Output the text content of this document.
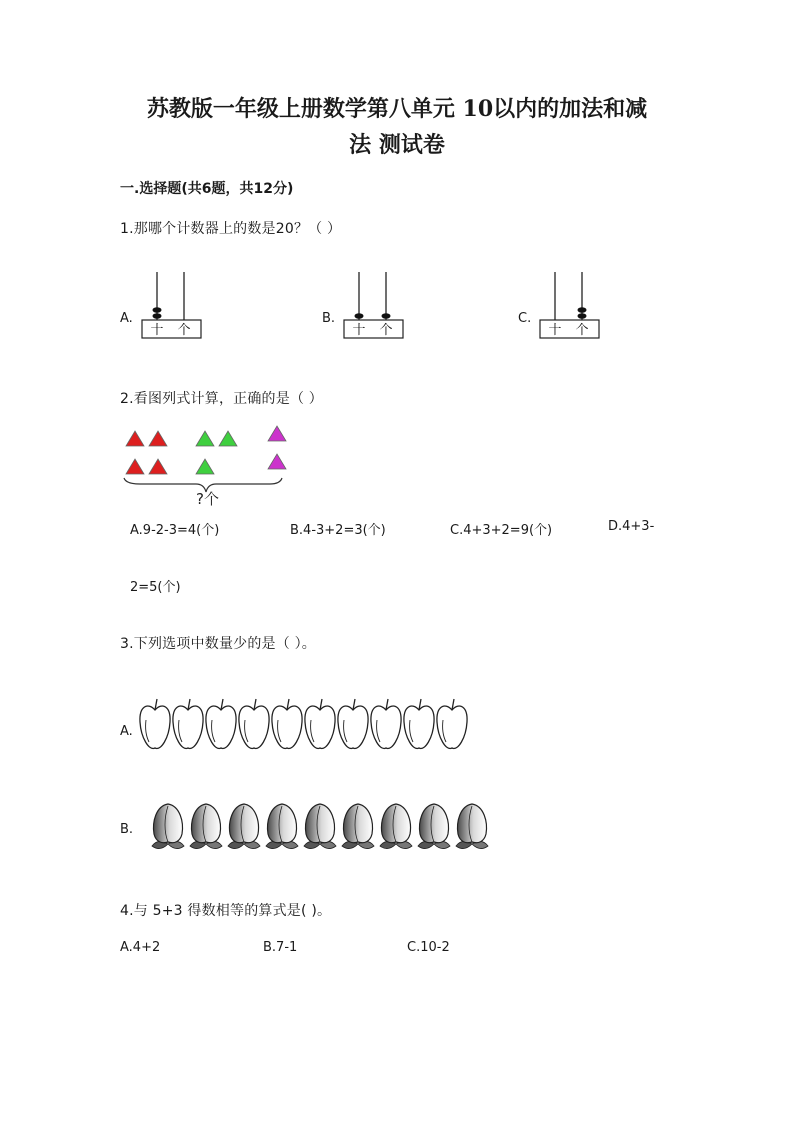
苏教版一年级上册数学第八单元 10以内的加法和减
法 测试卷
一.选择题(共6题，共12分)
1.那哪个计数器上的数是20？（ ）
A.	B.	C.
十 个	十 个	十 个
2.看图列式计算，正确的是（ ）
?个
A.9-2-3=4(个)	B.4-3+2=3(个)	C.4+3+2=9(个)	D.4+3-
2=5(个)
3.下列选项中数量少的是（ ）。
A.
B.
4.与 5+3 得数相等的算式是( )。
A.4+2	B.7-1	C.10-2
